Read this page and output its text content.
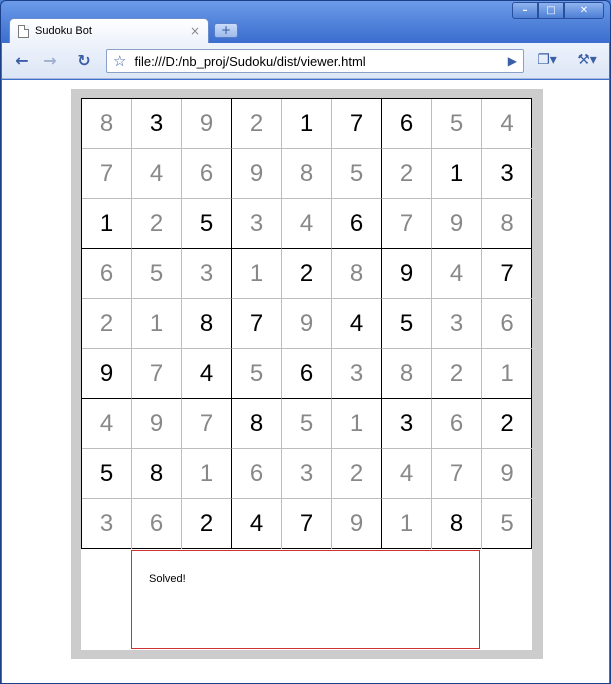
–	□	✕
Sudoku Bot	×	+
← →	↻	☆ file:///D:/nb_proj/Sudoku/dist/viewer.html	▶	❐▾	⚒▾
8	3	9	2	1	7	6	5	4
7	4	6	9	8	5	2	1	3
1	2	5	3	4	6	7	9	8
6	5	3	1	2	8	9	4	7
2	1	8	7	9	4	5	3	6
9	7	4	5	6	3	8	2	1
4	9	7	8	5	1	3	6	2
5	8	1	6	3	2	4	7	9
3	6	2	4	7	9	1	8	5
Solved!
